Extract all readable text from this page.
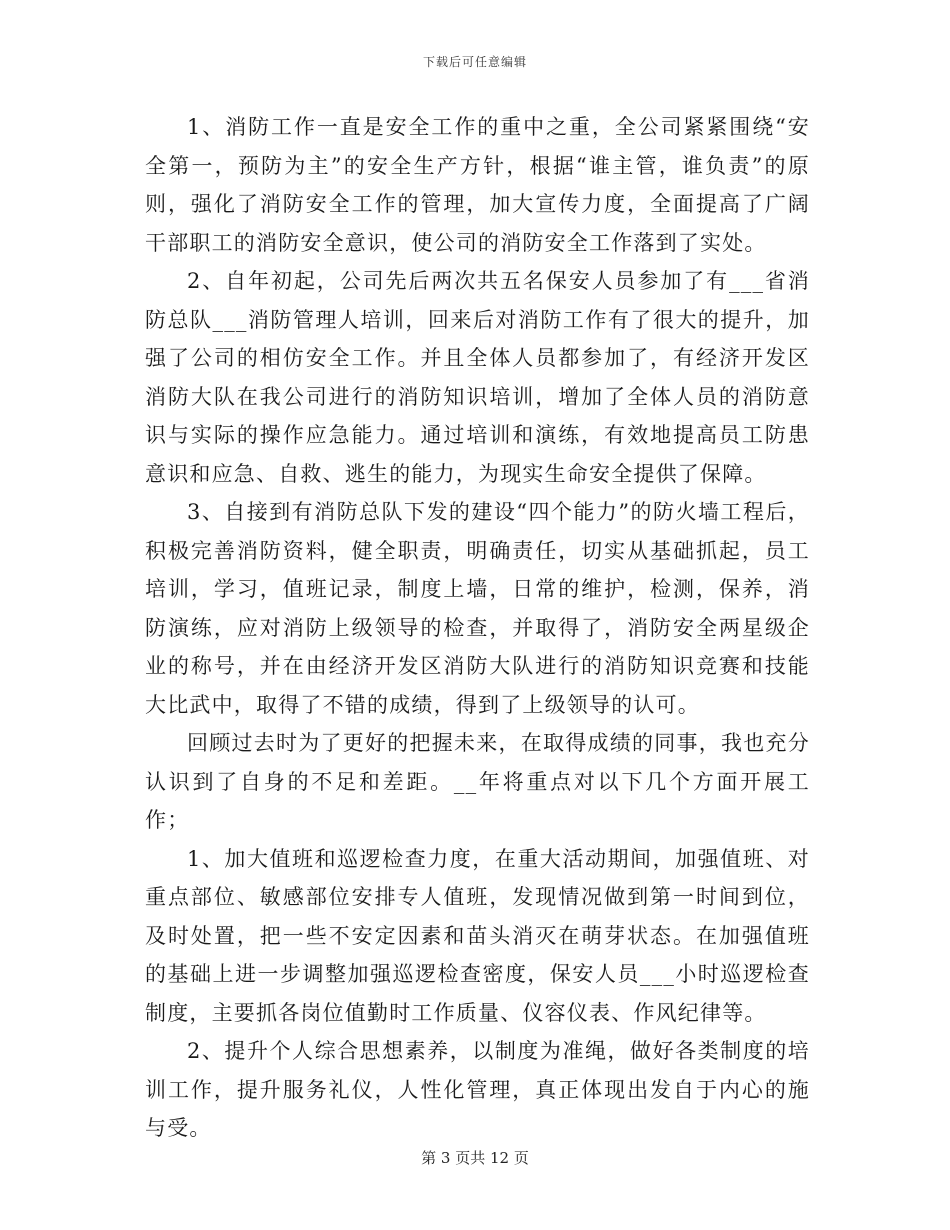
下载后可任意编辑

1、消防工作一直是安全工作的重中之重，全公司紧紧围绕“安全第一，预防为主”的安全生产方针，根据“谁主管，谁负责”的原则，强化了消防安全工作的管理，加大宣传力度，全面提高了广阔干部职工的消防安全意识，使公司的消防安全工作落到了实处。

2、自年初起，公司先后两次共五名保安人员参加了有___省消防总队___消防管理人培训，回来后对消防工作有了很大的提升，加强了公司的相仿安全工作。并且全体人员都参加了，有经济开发区消防大队在我公司进行的消防知识培训，增加了全体人员的消防意识与实际的操作应急能力。通过培训和演练，有效地提高员工防患意识和应急、自救、逃生的能力，为现实生命安全提供了保障。

3、自接到有消防总队下发的建设“四个能力”的防火墙工程后，积极完善消防资料，健全职责，明确责任，切实从基础抓起，员工培训，学习，值班记录，制度上墙，日常的维护，检测，保养，消防演练，应对消防上级领导的检查，并取得了，消防安全两星级企业的称号，并在由经济开发区消防大队进行的消防知识竞赛和技能大比武中，取得了不错的成绩，得到了上级领导的认可。

回顾过去时为了更好的把握未来，在取得成绩的同事，我也充分认识到了自身的不足和差距。__年将重点对以下几个方面开展工作；

1、加大值班和巡逻检查力度，在重大活动期间，加强值班、对重点部位、敏感部位安排专人值班，发现情况做到第一时间到位，及时处置，把一些不安定因素和苗头消灭在萌芽状态。在加强值班的基础上进一步调整加强巡逻检查密度，保安人员___小时巡逻检查制度，主要抓各岗位值勤时工作质量、仪容仪表、作风纪律等。

2、提升个人综合思想素养，以制度为准绳，做好各类制度的培训工作，提升服务礼仪，人性化管理，真正体现出发自于内心的施与受。

第 3 页共 12 页
